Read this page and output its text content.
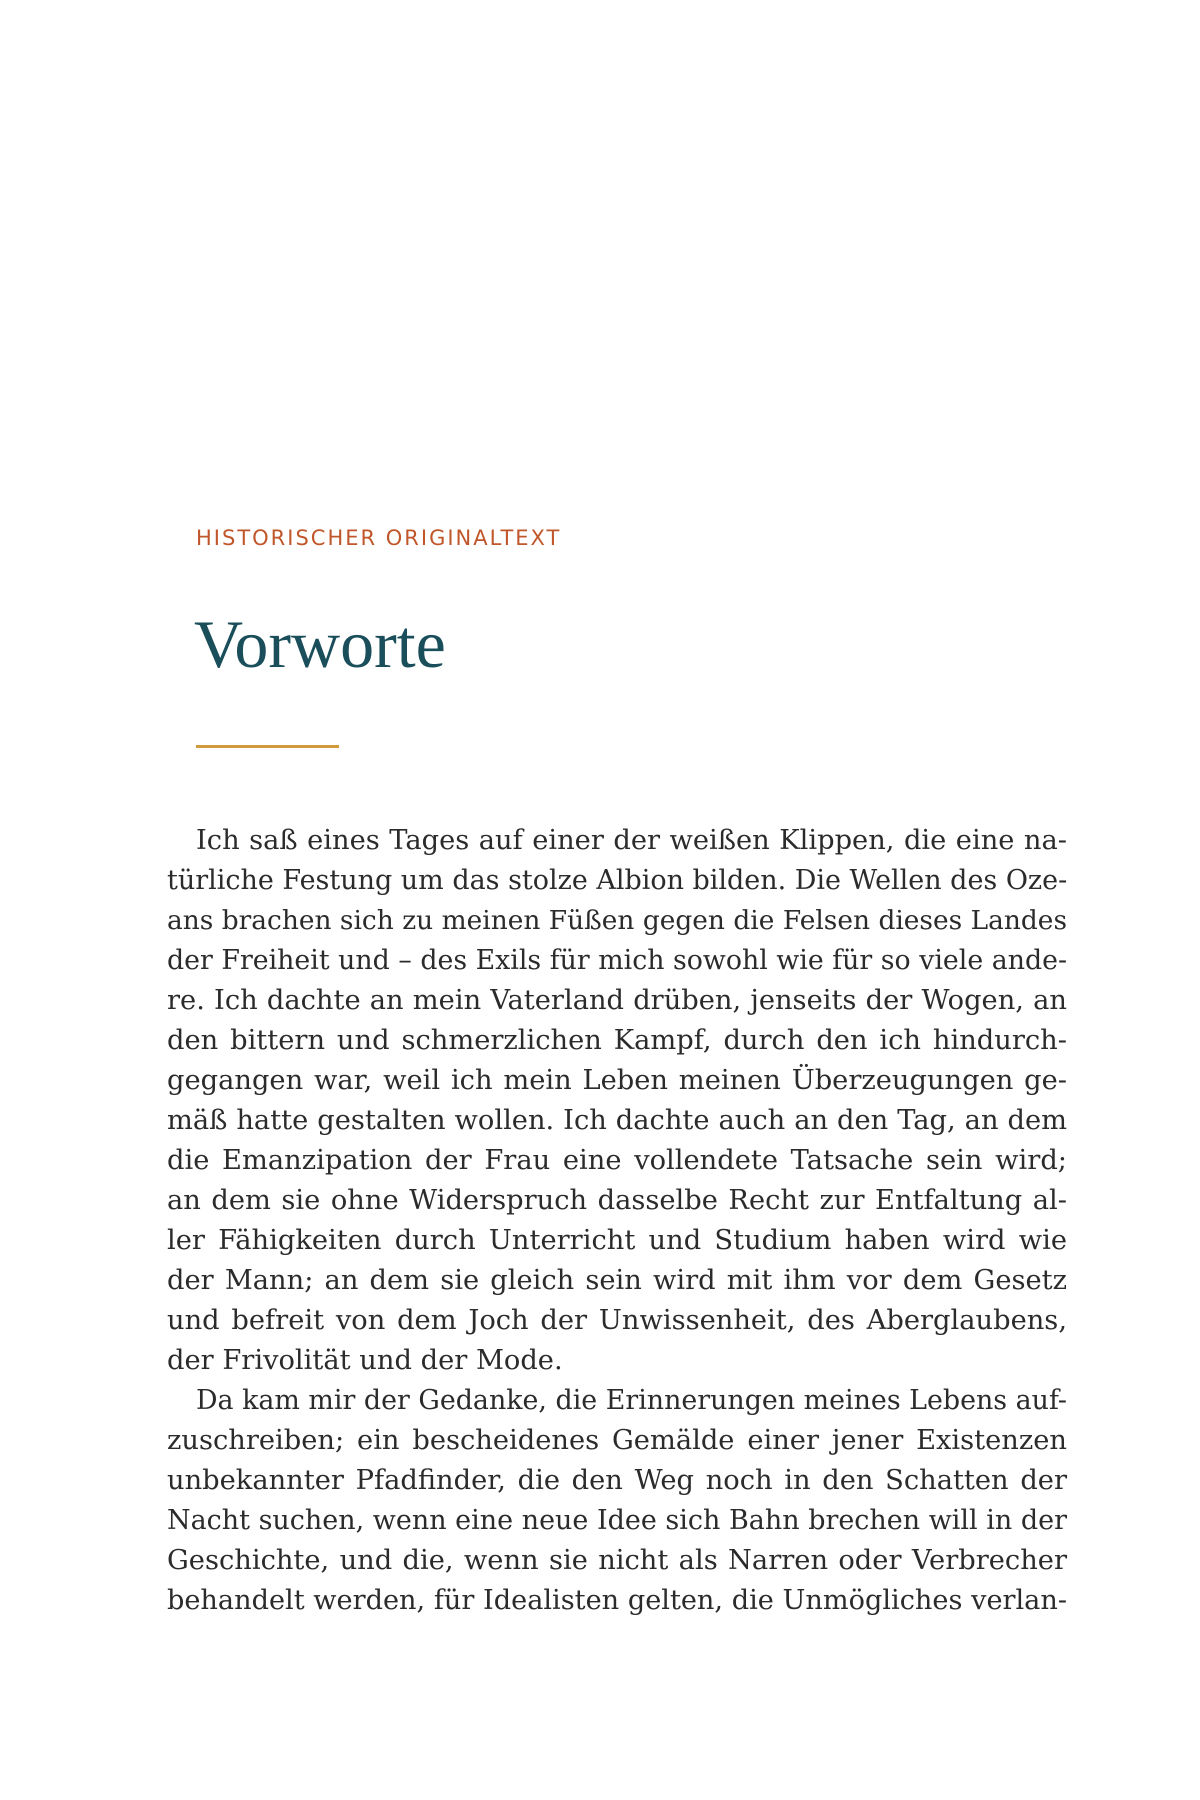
HISTORISCHER ORIGINALTEXT
Vorworte
Ich saß eines Tages auf einer der weißen Klippen, die eine na-
türliche Festung um das stolze Albion bilden. Die Wellen des Oze-
ans brachen sich zu meinen Füßen gegen die Felsen dieses Landes
der Freiheit und – des Exils für mich sowohl wie für so viele ande-
re. Ich dachte an mein Vaterland drüben, jenseits der Wogen, an
den bittern und schmerzlichen Kampf, durch den ich hindurch-
gegangen war, weil ich mein Leben meinen Überzeugungen ge-
mäß hatte gestalten wollen. Ich dachte auch an den Tag, an dem
die Emanzipation der Frau eine vollendete Tatsache sein wird;
an dem sie ohne Widerspruch dasselbe Recht zur Entfaltung al-
ler Fähigkeiten durch Unterricht und Studium haben wird wie
der Mann; an dem sie gleich sein wird mit ihm vor dem Gesetz
und befreit von dem Joch der Unwissenheit, des Aberglaubens,
der Frivolität und der Mode.
Da kam mir der Gedanke, die Erinnerungen meines Lebens auf-
zuschreiben; ein bescheidenes Gemälde einer jener Existenzen
unbekannter Pfadfinder, die den Weg noch in den Schatten der
Nacht suchen, wenn eine neue Idee sich Bahn brechen will in der
Geschichte, und die, wenn sie nicht als Narren oder Verbrecher
behandelt werden, für Idealisten gelten, die Unmögliches verlan-
